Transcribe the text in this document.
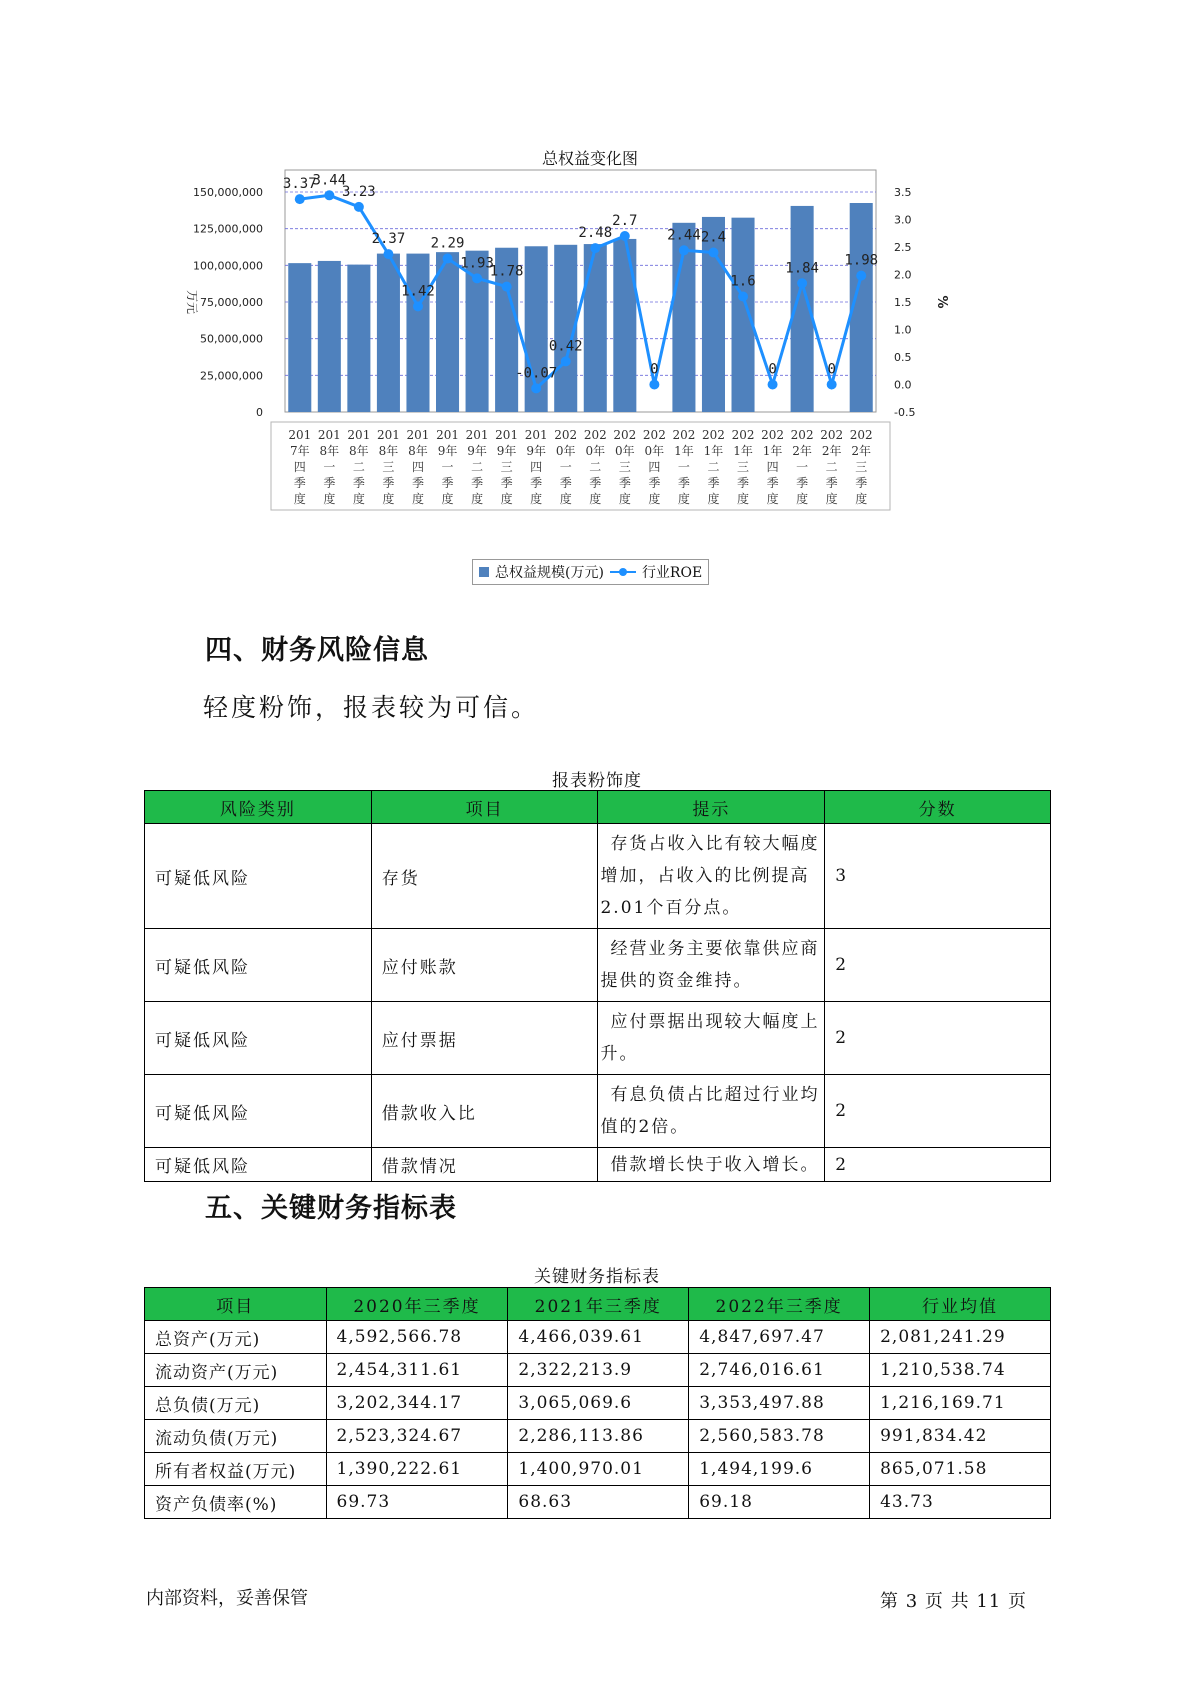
总权益变化图
0
25,000,000
50,000,000
75,000,000
100,000,000
125,000,000
150,000,000
-0.5
0.0
0.5
1.0
1.5
2.0
2.5
3.0
3.5
万元	%
3.37
3.44
3.23
2.37
1.42
2.29
1.93
1.78
-0.07
0.42
2.48
2.7
0
2.44 2.4
1.6
0
1.84
0
1.98
201
7年
四
季
度
201
8年
一
季
度
201
8年
二
季
度
201
8年
三
季
度
201
8年
四
季
度
201
9年
一
季
度
201
9年
二
季
度
201
9年
三
季
度
201
9年
四
季
度
202
0年
一
季
度
202
0年
二
季
度
202
0年
三
季
度
202
0年
四
季
度
202
1年
一
季
度
202
1年
二
季
度
202
1年
三
季
度
202
1年
四
季
度
202
2年
一
季
度
202
2年
二
季
度
202
2年
三
季
度
总权益规模(万元)	行业ROE
四、财务风险信息

轻度粉饰，报表较为可信。

报表粉饰度
风险类别	项目	提示	分数
可疑低风险	存货	存货占收入比有较大幅度增加，占收入的比例提高2.01个百分点。	3
可疑低风险	应付账款	经营业务主要依靠供应商提供的资金维持。	2
可疑低风险	应付票据	应付票据出现较大幅度上升。	2
可疑低风险	借款收入比	有息负债占比超过行业均值的2倍。	2
可疑低风险	借款情况	借款增长快于收入增长。	2
五、关键财务指标表
关键财务指标表
项目	2020年三季度	2021年三季度	2022年三季度	行业均值
总资产(万元)	4,592,566.78	4,466,039.61	4,847,697.47	2,081,241.29
流动资产(万元)	2,454,311.61	2,322,213.9	2,746,016.61	1,210,538.74
总负债(万元)	3,202,344.17	3,065,069.6	3,353,497.88	1,216,169.71
流动负债(万元)	2,523,324.67	2,286,113.86	2,560,583.78	991,834.42
所有者权益(万元)	1,390,222.61	1,400,970.01	1,494,199.6	865,071.58
资产负债率(%)	69.73	68.63	69.18	43.73
内部资料，妥善保管	第 3 页 共 11 页
